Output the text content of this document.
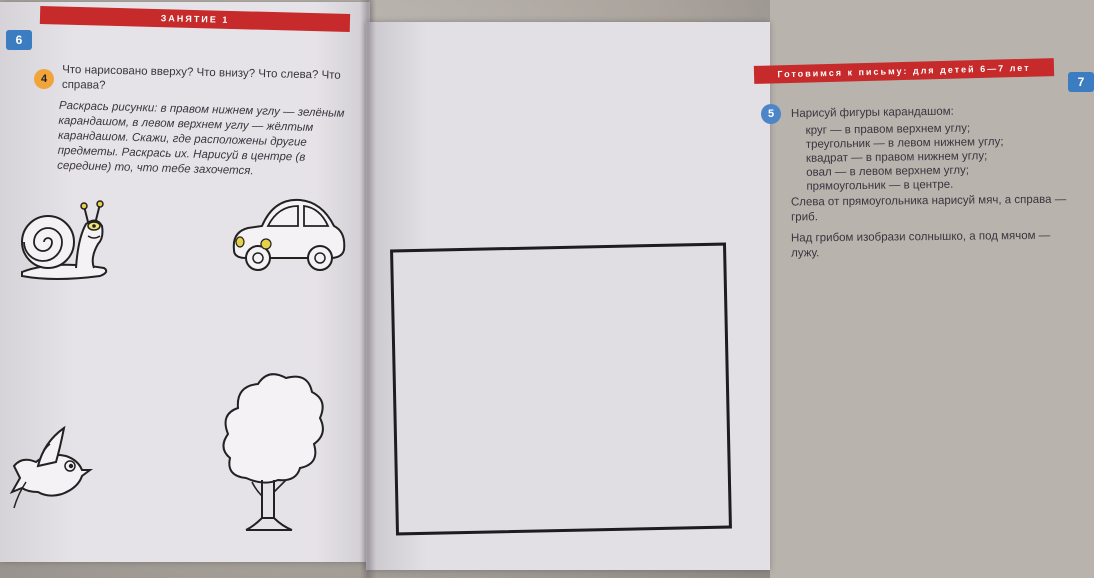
ЗАНЯТИЕ 1
6
4	Что нарисовано вверху? Что внизу? Что слева? Что справа?
Раскрась рисунки: в правом нижнем углу — зелёным карандашом, в левом верхнем углу — жёлтым карандашом. Скажи, где расположены другие предметы. Раскрась их. Нарисуй в центре (в середине) то, что тебе захочется.
Готовимся к письму: для детей 6—7 лет
7
5	Нарисуй фигуры карандашом:
круг — в правом верхнем углу;
треугольник — в левом нижнем углу;
квадрат — в правом нижнем углу;
овал — в левом верхнем углу;
прямоугольник — в центре.
Слева от прямоугольника нарисуй мяч, а справа — гриб.
Над грибом изобрази солнышко, а под мячом — лужу.
